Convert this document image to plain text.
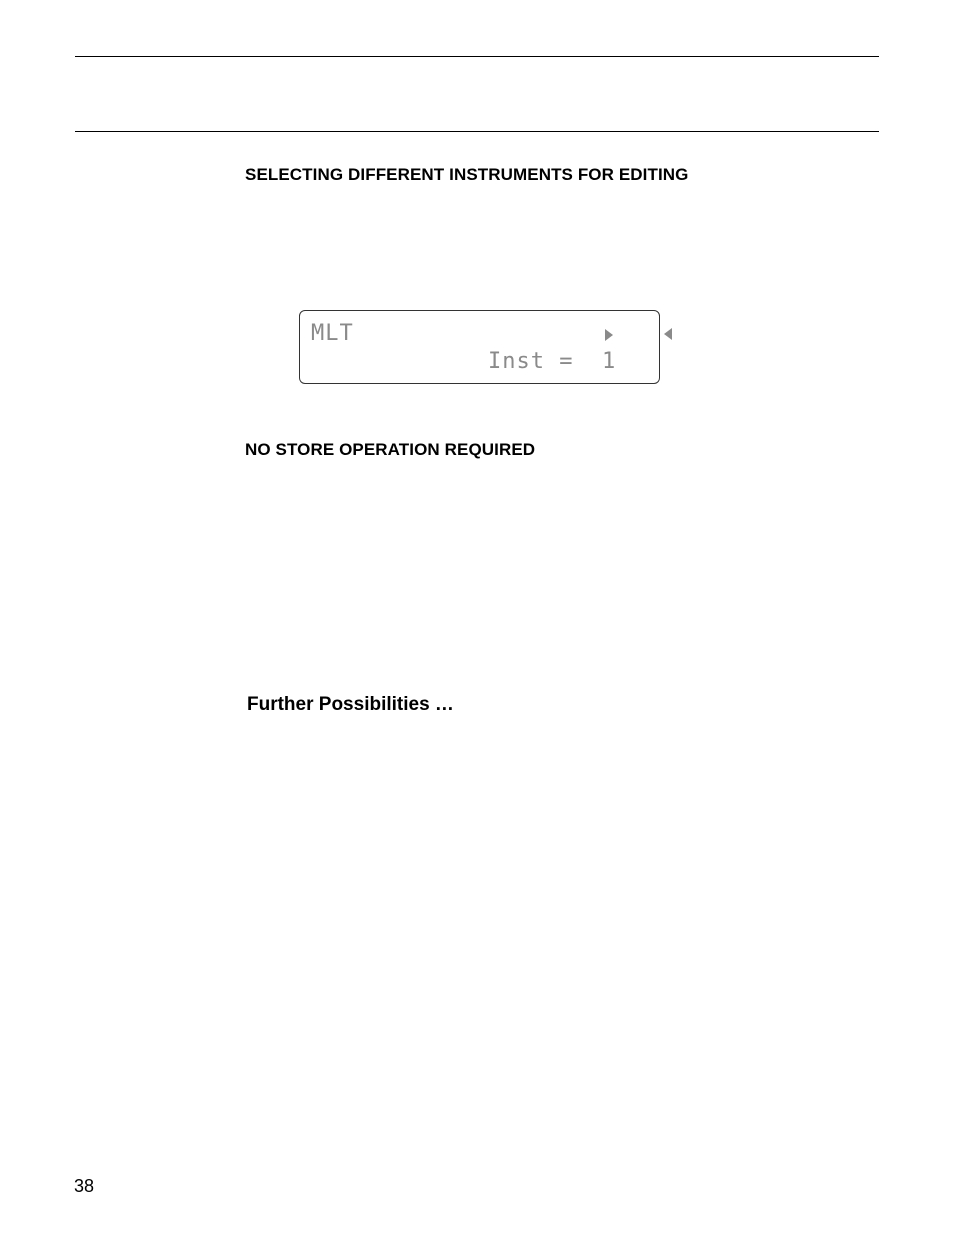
SELECTING DIFFERENT INSTRUMENTS FOR EDITING
MLT
Inst = 1
NO STORE OPERATION REQUIRED
Further Possibilities …
38
